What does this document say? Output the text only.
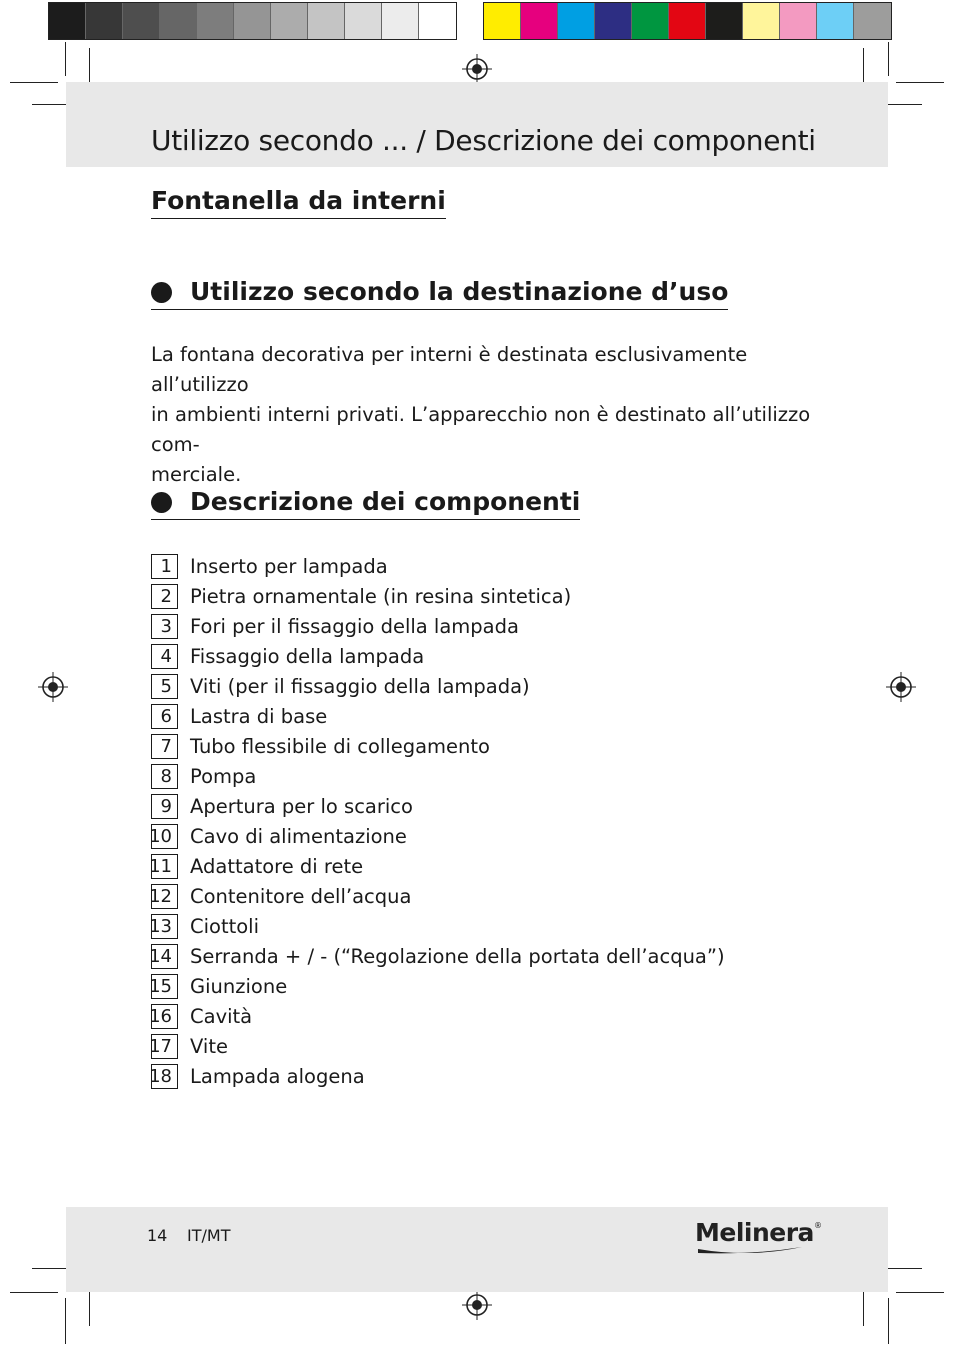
Utilizzo secondo ... / Descrizione dei componenti
Fontanella da interni
Utilizzo secondo la destinazione d’uso

La fontana decorativa per interni è destinata esclusivamente all’utilizzo
in ambienti interni privati. L’apparecchio non è destinato all’utilizzo com-
merciale.

Descrizione dei componenti
1 Inserto per lampada
2 Pietra ornamentale (in resina sintetica)
3 Fori per il fissaggio della lampada
4 Fissaggio della lampada
5 Viti (per il fissaggio della lampada)
6 Lastra di base
7 Tubo flessibile di collegamento
8 Pompa
9 Apertura per lo scarico
10 Cavo di alimentazione
11 Adattatore di rete
12 Contenitore dell’acqua
13 Ciottoli
14 Serranda + / - (“Regolazione della portata dell’acqua”)
15 Giunzione
16 Cavità
17 Vite
18 Lampada alogena
14 IT/MT	Melinera®
